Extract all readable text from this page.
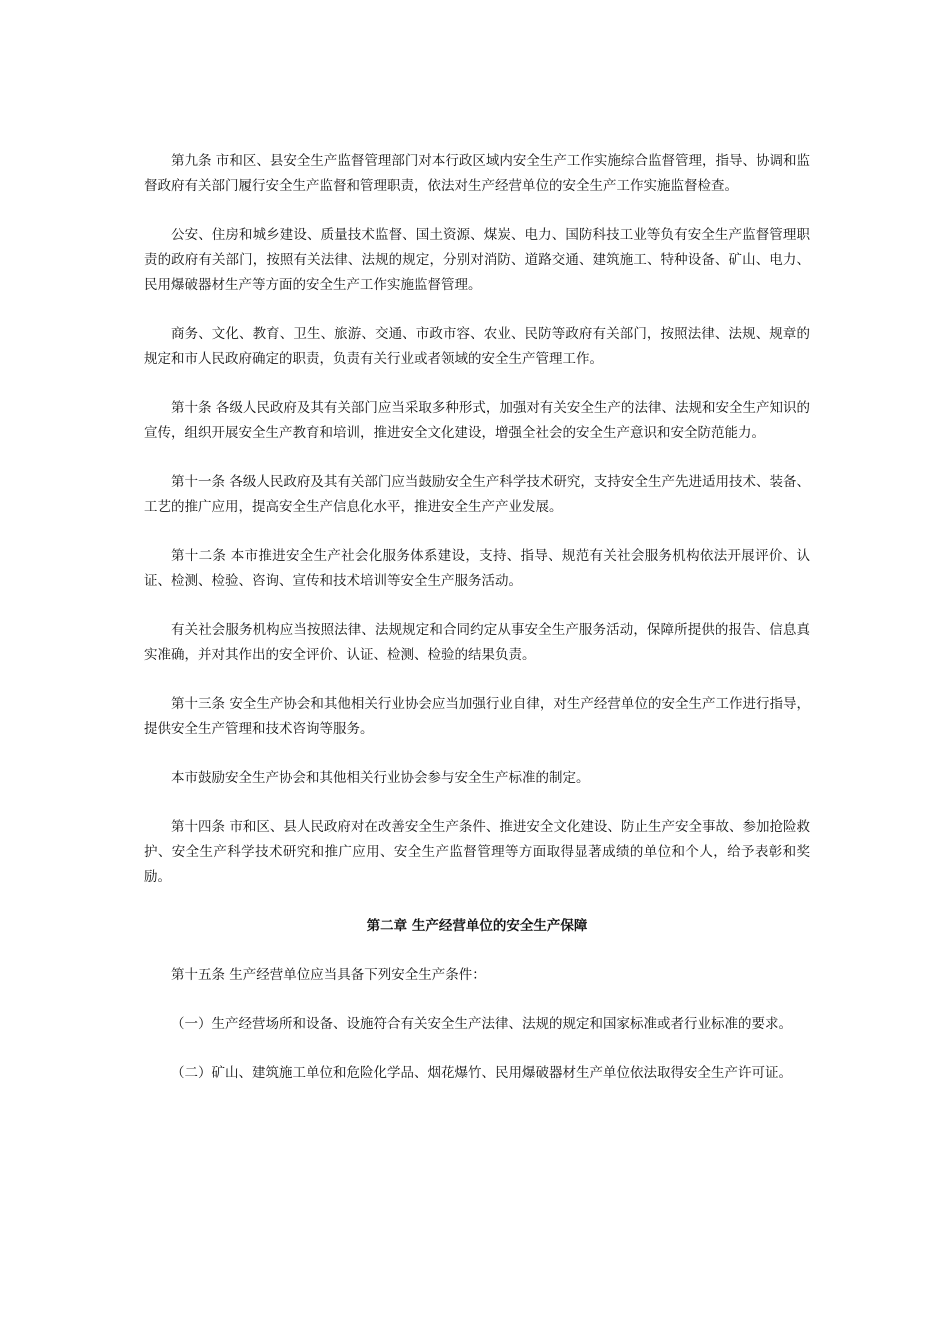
第九条 市和区、县安全生产监督管理部门对本行政区域内安全生产工作实施综合监督管理，指导、协调和监督政府有关部门履行安全生产监督和管理职责，依法对生产经营单位的安全生产工作实施监督检查。

公安、住房和城乡建设、质量技术监督、国土资源、煤炭、电力、国防科技工业等负有安全生产监督管理职责的政府有关部门，按照有关法律、法规的规定，分别对消防、道路交通、建筑施工、特种设备、矿山、电力、民用爆破器材生产等方面的安全生产工作实施监督管理。

商务、文化、教育、卫生、旅游、交通、市政市容、农业、民防等政府有关部门，按照法律、法规、规章的规定和市人民政府确定的职责，负责有关行业或者领域的安全生产管理工作。

第十条 各级人民政府及其有关部门应当采取多种形式，加强对有关安全生产的法律、法规和安全生产知识的宣传，组织开展安全生产教育和培训，推进安全文化建设，增强全社会的安全生产意识和安全防范能力。

第十一条 各级人民政府及其有关部门应当鼓励安全生产科学技术研究，支持安全生产先进适用技术、装备、工艺的推广应用，提高安全生产信息化水平，推进安全生产产业发展。

第十二条 本市推进安全生产社会化服务体系建设，支持、指导、规范有关社会服务机构依法开展评价、认证、检测、检验、咨询、宣传和技术培训等安全生产服务活动。

有关社会服务机构应当按照法律、法规规定和合同约定从事安全生产服务活动，保障所提供的报告、信息真实准确，并对其作出的安全评价、认证、检测、检验的结果负责。

第十三条 安全生产协会和其他相关行业协会应当加强行业自律，对生产经营单位的安全生产工作进行指导，提供安全生产管理和技术咨询等服务。

本市鼓励安全生产协会和其他相关行业协会参与安全生产标准的制定。

第十四条 市和区、县人民政府对在改善安全生产条件、推进安全文化建设、防止生产安全事故、参加抢险救护、安全生产科学技术研究和推广应用、安全生产监督管理等方面取得显著成绩的单位和个人，给予表彰和奖励。

第二章 生产经营单位的安全生产保障

第十五条 生产经营单位应当具备下列安全生产条件：

（一）生产经营场所和设备、设施符合有关安全生产法律、法规的规定和国家标准或者行业标准的要求。

（二）矿山、建筑施工单位和危险化学品、烟花爆竹、民用爆破器材生产单位依法取得安全生产许可证。
